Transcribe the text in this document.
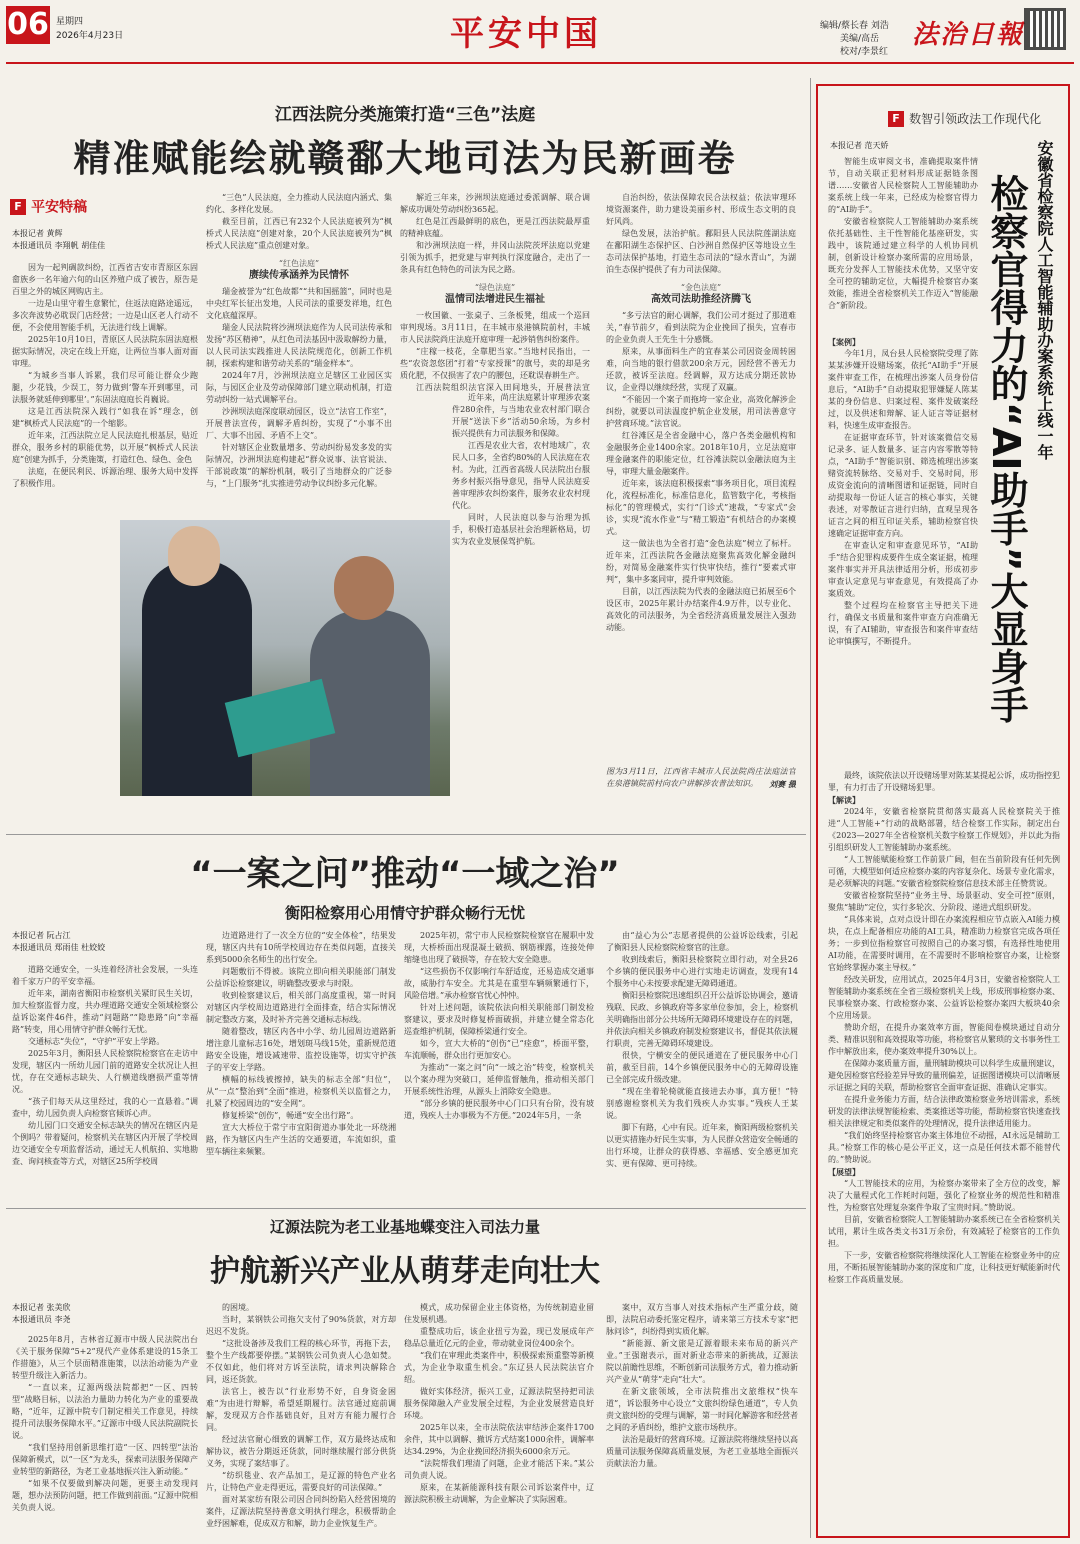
06 星期四
2026年4月23日	平安中国	编辑/蔡长春 刘浩
美编/高岳
校对/李景红
法治日報
江西法院分类施策打造“三色”法庭
精准赋能绘就赣鄱大地司法为民新画卷
F 平安特稿
本报记者 黄辉
本报通讯员 李翔帆 胡佳佳

因为一起判碉款纠纷，江西省吉安市青原区东固畲族乡一名年逾六旬的山区养殖户成了被告，原告是百里之外的城区网购店主。

一边是山里守着生意繁忙，住返法庭路途遥远，多次奔波势必耽误门店经营；一边是山区老人行动不便，不会使用智能手机，无法进行线上调解。

2025年10月10日，青原区人民法院东固法庭根据实际情况，决定在线上开庭，让两位当事人面对面审理。

“为城乡当事人诉累，我们尽可能让群众少跑腿，少花钱，少误工，努力做到‘警车开到哪里，司法服务就延伸到哪里’。”东固法庭庭长肖巍说。

这是江西法院深入践行“如我在诉”理念，创建“枫桥式人民法庭”的一个缩影。

近年来，江西法院立足人民法庭扎根基层，贴近群众，服务乡村的职能优势，以开展“枫桥式人民法庭”创建为抓手，分类施策，打造红色、绿色、金色

法庭，在便民利民、诉源治理、服务大局中发挥了积极作用。

“三色”人民法庭，全力推动人民法庭内涵式、集约化、多样化发展。

截至目前，江西已有232个人民法庭被列为“枫桥式人民法庭”创建对象，20个人民法庭被列为“枫桥式人民法庭”重点创建对象。

“红色法庭”
赓续传承涵养为民情怀

瑞金被誉为“红色故都”“共和国摇篮”，同时也是中央红军长征出发地，人民司法的重要发祥地，红色文化底蕴深厚。

瑞金人民法院将沙洲坝法庭作为人民司法传承和发扬“苏区精神”，从红色司法基因中汲取解纷力量，以人民司法实践推进人民法院规范化，创新工作机制，探索构建和谐劳动关系的“瑞金样本”。

2024年7月，沙洲坝法庭立足辖区工业园区实际，与园区企业及劳动保障部门建立联动机制，打造劳动纠纷一站式调解平台。

沙洲坝法庭深度联动园区，设立“法官工作室”，开展普法宣传，调解矛盾纠纷，实现了“小事不出厂、大事不出园、矛盾不上交”。

针对辖区企业数量增多、劳动纠纷易发多发的实际情况，沙洲坝法庭构建起“群众说事、法官说法、干部说政策”的解纷机制，吸引了当地群众的广泛参与，“上门服务”扎实推进劳动争议纠纷多元化解。

解近三年来，沙洲坝法庭通过委派调解、联合调解成功调处劳动纠纷365起。

红色是江西最鲜明的底色，更是江西法院最厚重的精神底蕴。

和沙洲坝法庭一样，井冈山法院茨坪法庭以党建引领为抓手，把党建与审判执行深度融合，走出了一条具有红色特色的司法为民之路。

“绿色法庭”
温情司法增进民生福祉

一枚国徽、一张桌子、三条板凳，组成一个巡回审判现场。3月11日，在丰城市泉港镇院前村，丰城市人民法院尚庄法庭开庭审理一起涉销售纠纷案件。

“庄稼一枝花，全靠肥当家。”当地村民指出，一些“农资忽悠团”打着“专家授课”的旗号，卖的却是劣质化肥，不仅损害了农户的腰包，还耽误春耕生产。

江西法院组织法官深入田间地头，开展普法宣

近年来，尚庄法庭累计审理涉农案件280余件，与当地农业农村部门联合开展“送法下乡”活动50余场，为乡村振兴提供有力司法服务和保障。

江西是农业大省，农村地域广，农民人口多，全省约80%的人民法庭在农村。为此，江西省高级人民法院出台服务乡村振兴指导意见，指导人民法庭妥善审理涉农纠纷案件，服务农业农村现代化。

同时，人民法庭以参与治理为抓手，积极打造基层社会治理新格局，切实为农业发展保驾护航。

自治纠纷，依法保障农民合法权益；依法审理环境资源案件，助力建设美丽乡村、形成生态文明的良好风尚。

绿色发展，法治护航。鄱阳县人民法院莲湖法庭在鄱阳湖生态保护区、白沙洲自然保护区等地设立生态司法保护基地，打造生态司法的“绿水青山”，为湖泊生态保护提供了有力司法保障。

“金色法庭”
高效司法助推经济腾飞

“多亏法官的耐心调解，我们公司才挺过了那道难关，”春节前夕，看到法院为企业挽回了损失，宜春市的企业负责人王先生十分感慨。

原来，从事面料生产的宜春某公司因资金周转困难，向当地的银行借款200余万元，因经营不善无力还款，被诉至法庭。经调解，双方达成分期还款协议，企业得以继续经营，实现了双赢。

“不能因一个案子而拖垮一家企业，高效化解涉企纠纷，就要以司法温度护航企业发展，用司法善意守护营商环境。”法官说。

红谷滩区是全省金融中心，落户各类金融机构和金融服务企业1400余家。2018年10月，立足法庭审理金融案件的职能定位，红谷滩法院以金融法庭为主导，审理大量金融案件。

近年来，该法庭积极探索“事务项目化，项目流程化，流程标准化，标准信息化，监管数字化，考核指标化”的管理模式，实行“门诊式”速裁，“专家式”会诊，实现“流水作业”与“精工锻造”有机结合的办案模式。

这一做法也为全省打造“金色法庭”树立了标杆。近年来，江西法院各金融法庭聚焦高效化解金融纠纷，对简易金融案件实行快审快结，推行“要素式审判”，集中多案同审，提升审判效能。

目前，以江西法院为代表的金融法庭已拓展至6个设区市，2025年累计办结案件4.9万件，以专业化、高效化的司法服务，为全省经济高质量发展注入强劲动能。

图为3月11日，江西省丰城市人民法院尚庄法庭法官在泉港镇院前村向农户讲解涉农普法知识。 刘赛 摄
“一案之问”推动“一域之治”
衡阳检察用心用情守护群众畅行无忧
本报记者 阮占江
本报通讯员 郑雨佳 杜姣姣

道路交通安全，一头连着经济社会发展，一头连着千家万户的平安幸福。

近年来，湖南省衡阳市检察机关紧盯民生关切，加大检察监督力度，共办理道路交通安全领域检察公益诉讼案件46件，推动“问题路”“隐患路”向“幸福路”转变，用心用情守护群众畅行无忧。

交通标志“失位”，“守护”平安上学路。

2025年3月，衡阳县人民检察院检察官在走访中发现，辖区内一所幼儿园门前的道路安全状况让人担忧，存在交通标志缺失、人行横道线磨损严重等情况。

“孩子们每天从这里经过，我的心一直悬着。”调查中，幼儿园负责人向检察官倾诉心声。

幼儿园门口交通安全标志缺失的情况在辖区内是个例吗？带着疑问，检察机关在辖区内开展了学校周边交通安全专项监督活动，通过无人机航拍、实地勘查、询问核查等方式，对辖区25所学校周

边道路进行了一次全方位的“安全体检”，结果发现，辖区内共有10所学校周边存在类似问题，直接关系到5000余名师生的出行安全。

问题敷衍不得被。该院立即向相关职能部门制发公益诉讼检察建议，明确整改要求与时限。

收到检察建议后，相关部门高度重视，第一时间对辖区内学校周边道路进行全面排查，结合实际情况制定整改方案，及时补齐完善交通标志标线。

随着整改，辖区内各中小学、幼儿园周边道路新增注意儿童标志16处，增划斑马线15处，重新规范道路安全设施，增设减速带、监控设施等，切实守护孩子的平安上学路。

横幅的标线被擦掉，缺失的标志全部“归位”，从“一点”整治到“全面”推进，检察机关以监督之力，扎紧了校园周边的“安全网”。

修复桥梁“创伤”，畅通“安全出行路”。

宣大大桥位于常宁市宜阳街道办事处北一环绕湘路，作为辖区内生产生活的交通要道，车流如织，重型车辆往来频繁。

2025年初，常宁市人民检察院检察官在履职中发现，大桥桥面出现混凝土破损、钢筋裸露，连接处伸缩缝也出现了破损等，存在较大安全隐患。

“这些损伤不仅影响行车舒适度，还易造成交通事故，威胁行车安全。尤其是在重型车辆频繁通行下，风险倍增。”承办检察官忧心忡忡。

针对上述问题，该院依法向相关职能部门制发检察建议，要求及时修复桥面破损，并建立健全常态化巡查维护机制，保障桥梁通行安全。

如今，宣大大桥的“创伤”已“痊愈”，桥面平整，车流顺畅，群众出行更加安心。

为推动“一案之问”向“一域之治”转变，检察机关以个案办理为突破口，延伸监督触角，推动相关部门开展系统性治理，从源头上消除安全隐患。

“部分乡镇的便民服务中心门口只有台阶，没有坡道，残疾人士办事极为不方便。”2024年5月，一条

由“益心为公”志愿者提供的公益诉讼线索，引起了衡阳县人民检察院检察官的注意。

收到线索后，衡阳县检察院立即行动，对全县26个乡镇的便民服务中心进行实地走访调查，发现有14个服务中心未按要求配建无障碍通道。

衡阳县检察院迅速组织召开公益诉讼协调会，邀请残联、民政、乡镇政府等多家单位参加，会上，检察机关明确指出部分公共场所无障碍环境建设存在的问题，并依法向相关乡镇政府制发检察建议书，督促其依法履行职责，完善无障碍环境建设。

很快，宁横安全的便民通道在了便民服务中心门前，截至目前，14个乡镇便民服务中心的无障碍设施已全部完成升级改建。

“现在坐着轮椅就能直接进去办事，真方便！”特别感谢检察机关为我们残疾人办实事。”残疾人王某说。

脚下有路，心中有民。近年来，衡阳两级检察机关以更实措施办好民生实事，为人民群众营造安全畅通的出行环境，让群众的获得感、幸福感、安全感更加充实、更有保障、更可持续。

辽源法院为老工业基地蝶变注入司法力量
护航新兴产业从萌芽走向壮大
本报记者 张美欣
本报通讯员 李尧

2025年8月，吉林省辽源市中级人民法院出台《关于服务保障“5+2”现代产业体系建设的15条工作措施》，从三个层面精准施策，以法治动能为产业转型升级注入新活力。

“一直以来，辽源两级法院都把“一区、四转型”战略目标，以法治力量助力转化为产业的重要战略，“近年，辽源中院专门制定相关工作意见，持续提升司法服务保障水平。”辽源市中级人民法院副院长说。

“我们坚持用创新思维打造“一区、四转型”法治保障新模式，以“一区”为龙头，探索司法服务保障产业转型的新路径，为老工业基地振兴注入新动能。”

“如果不仅要做到解决问题，更要主动发现问题，想办法预防问题，把工作做到前面。”辽源中院相关负责人说。

的困境。

当时，某钢铁公司拖欠支付了90%货款，对方却迟迟不发货。

“这批设备涉及我们工程的核心环节，再拖下去，整个生产线都要停摆。”某钢铁公司负责人心急如焚。不仅如此，他们将对方诉至法院，请求判决解除合同，返还货款。

法官上，被告以“行业形势不好，自身资金困难”为由进行辩解，希望延期履行。法官通过庭前调解，发现双方合作基础良好，且对方有能力履行合同。

经过法官耐心细致的调解工作，双方最终达成和解协议，被告分期返还货款，同时继续履行部分供货义务，实现了案结事了。

“纺织毯业、农产品加工，是辽源的特色产业名片，让特色产业走得更远，需要良好的司法保障。”

面对某家纺有限公司因合同纠纷陷入经营困境的案件，辽源法院坚持善意文明执行理念，积极帮助企业纾困解难，促成双方和解，助力企业恢复生产。

模式，成功保留企业主体资格，为传统制造业留住发展机遇。

重整成功后，该企业扭亏为盈，现已发展成年产稳品总量近亿元的企业，带动就业岗位400余个。

“我们在审理此类案件中，积极探索预重整等新模式，为企业争取重生机会。”东辽县人民法院法官介绍。

做好实体经济，振兴工业，辽源法院坚持把司法服务保障融入产业发展全过程，为企业发展营造良好环境。

2025年以来，全市法院依法审结涉企案件1700余件，其中以调解、撤诉方式结案1000余件，调解率达34.29%，为企业挽回经济损失6000余万元。

“法院帮我们理清了问题，企业才能活下来。”某公司负责人说。

原来，在某新能源科技有限公司诉讼案件中，辽源法院积极主动调解，为企业解决了实际困难。

案中，双方当事人对技术指标产生严重分歧，随即，法院启动委托鉴定程序，请来第三方技术专家“把脉问诊”，纠纷得到实质化解。

“新能源、新文旅是辽源着眼未来布局的新兴产业。”王强谢表示，面对新业态带来的新挑战，辽源法院以前瞻性思维，不断创新司法服务方式，着力推动新兴产业从“萌芽”走向“壮大”。

在新文旅领域，全市法院推出文旅维权“快车道”，诉讼服务中心设立“文旅纠纷绿色通道”，专人负责文旅纠纷的受理与调解，第一时间化解游客和经营者之间的矛盾纠纷，维护文旅市场秩序。

法治是最好的营商环境。辽源法院将继续坚持以高质量司法服务保障高质量发展，为老工业基地全面振兴贡献法治力量。

F 数智引领政法工作现代化
本报记者 范天娇

智能生成审阅文书，准确提取案件情节，自动关联正犯材料形成证据链条图谱……安徽省人民检察院人工智能辅助办案系统上线一年来，已经成为检察官得力的“AI助手”。

安徽省检察院人工智能辅助办案系统依托基础性、主干性智能化基座研发，实践中，该院通过建立科学的人机协同机制，创新设计检察办案所需的应用场景，既充分发挥人工智能技术优势，又坚守安全可控的辅助定位，大幅提升检察官办案效能，推进全省检察机关工作迈入“智能融合”新阶段。	检察官得力的“AI助手”大显身手 安徽省检察院人工智能辅助办案系统上线一年
【案例】

今年1月，凤台县人民检察院受理了陈某某涉嫌开设赌场案，依托“AI助手”开展案件审查工作，在梳理出涉案人员身份信息后，“AI助手”自动提取犯罪嫌疑人陈某某的身份信息、归案过程、案件发破案经过，以及供述和辩解、证人证言等证据材料，快速生成审查报告。

在证据审查环节，针对该案微信交易记录多、证人数量多、证言内容零散等特点，“AI助手”智能识别、筛选梳理出涉案赌资流转脉络、交易对手、交易时间，形成资金流向的清晰图谱和证据链，同时自动提取每一份证人证言的核心事实，关键表述，对零散证言进行归纳，直观呈现各证言之间的相互印证关系，辅助检察官快速确定证据审查方向。

在审查认定和审查意见环节，“AI助手”结合犯罪构成要件生成全案证据，梳理案件事实并开具法律适用分析，形成初步审查认定意见与审查意见，有效提高了办案质效。

整个过程均在检察官主导把关下进行，确保文书质量和案件审查方向准确无误，有了AI辅助，审查报告和案件审查结论审慎撰写，不断提升。

最终，该院依法以开设赌场罪对陈某某提起公诉，成功指控犯罪，有力打击了开设赌场犯罪。

【解读】

2024年，安徽省检察院贯彻落实最高人民检察院关于推进“人工智能+”行动的战略部署，结合检察工作实际，制定出台《2023—2027年全省检察机关数字检察工作规划》，并以此为指引组织研发人工智能辅助办案系统。

“人工智能赋能检察工作前景广阔，但在当前阶段有任何先例可循，大模型如何适应检察办案的内容复杂化、场景专业化需求，是必须解决的问题。”安徽省检察院检察信息技术部主任赞赏说。

安徽省检察院坚持“业务主导、场景驱动、安全可控”原则，聚焦“辅助”定位，实行多轮次、分阶段、递进式组织研发。

“具体来说，点对点设计即在办案流程相应节点嵌入AI能力模块，在点上配备相应功能的AI工具，精准助力检察官完成各项任务；一步到位指检察官可按照自己的办案习惯，有选择性地使用AI功能，在需要时调用，在不需要时不影响检察官办案，让检察官始终掌握办案主导权。”

经改关研发，应用试点，2025年4月3日，安徽省检察院人工智能辅助办案系统在全省三级检察机关上线，形成刑事检察办案、民事检察办案、行政检察办案、公益诉讼检察办案四大板块40余个应用场景。

赞助介绍，在提升办案效率方面，智能阅卷模块通过自动分类、精准识别和高效提取等功能，将检察官从繁琐的文书事务性工作中解放出来，使办案效率提升30%以上。

在保障办案质量方面，量刑辅助模块可以科学生成量刑建议，避免因检察官经验差异导致的量刑偏差，证据图谱模块可以清晰展示证据之间的关联，帮助检察官全面审查证据、准确认定事实。

在提升业务能力方面，结合法律政策检察业务培训需求，系统研发的法律法规智能检索、类案推送等功能，帮助检察官快速查找相关法律规定和类似案件的处理情况，提升法律适用能力。

“我们始终坚持检察官办案主体地位不动摇，AI永远是辅助工具。”检察工作的核心是公平正义，这一点是任何技术都不能替代的。”赞助说。

【展望】

“人工智能技术的应用，为检察办案带来了全方位的改变，解决了大量程式化工作耗时问题，强化了检察业务的规范性和精准性，为检察官处理复杂案件争取了宝贵时间。”赞助说。

目前，安徽省检察院人工智能辅助办案系统已在全省检察机关试用，累计生成各类文书31万余份，有效减轻了检察官的工作负担。

下一步，安徽省检察院将继续深化人工智能在检察业务中的应用，不断拓展智能辅助办案的深度和广度，让科技更好赋能新时代检察工作高质量发展。
